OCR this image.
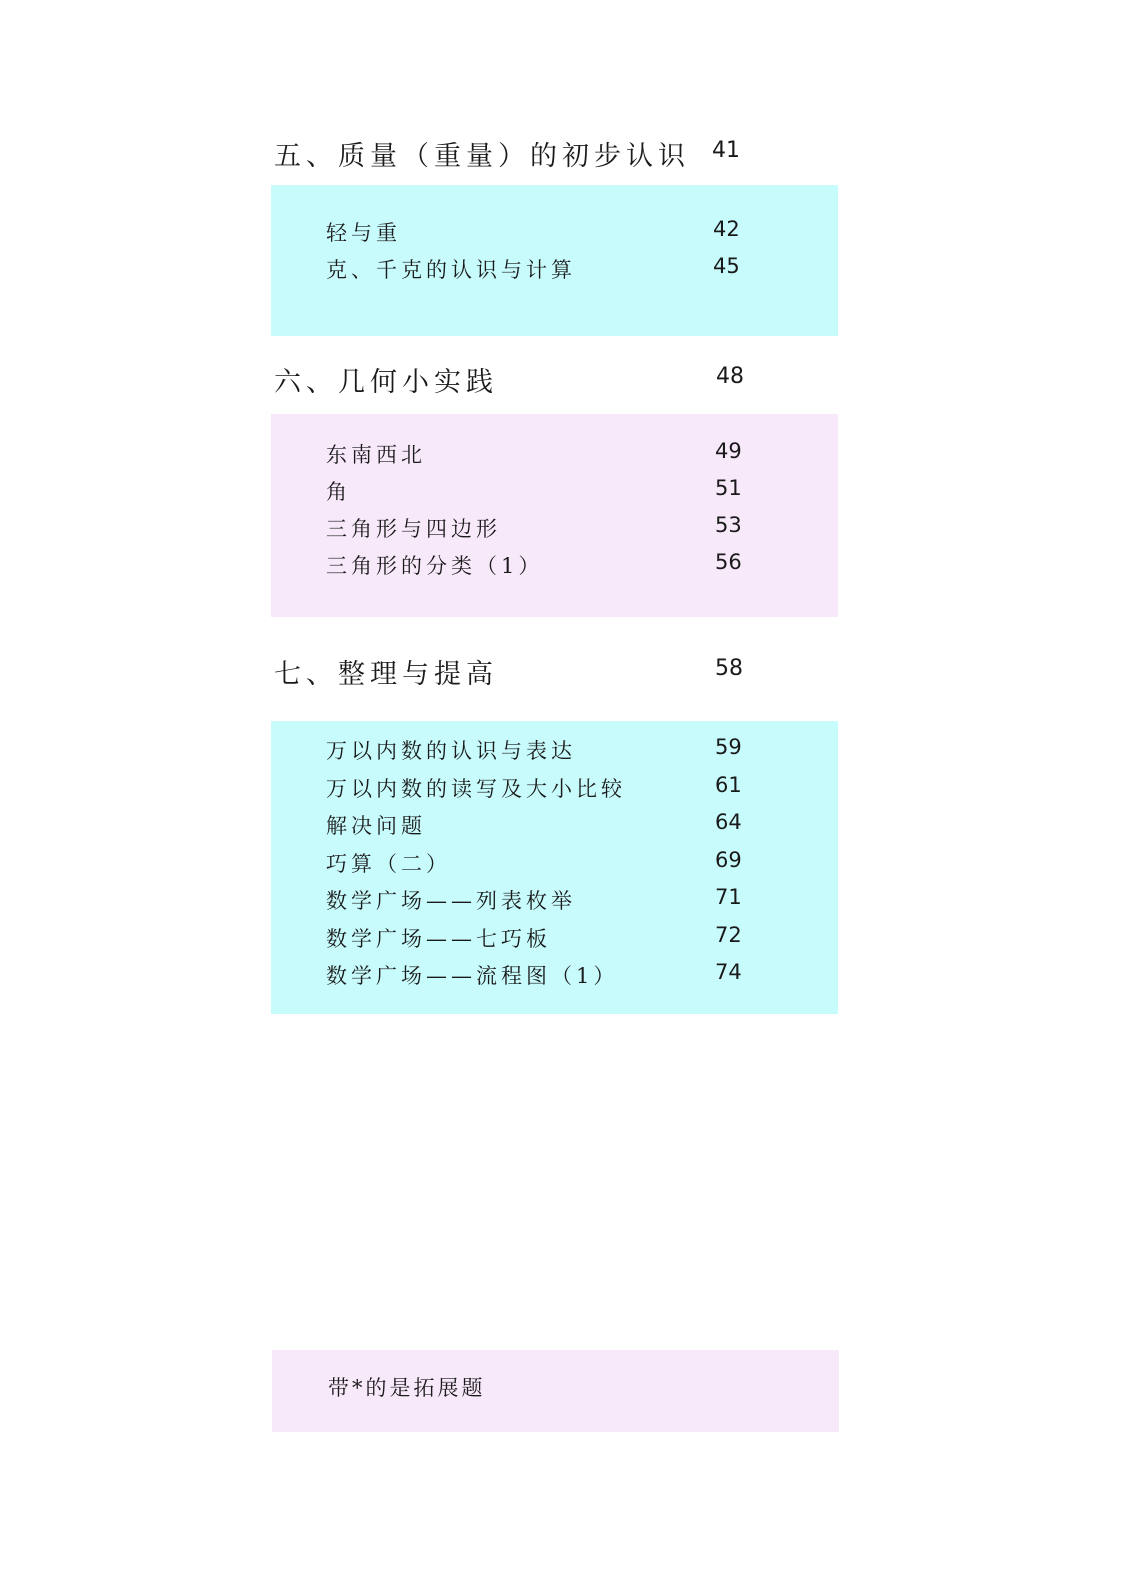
五、质量（重量）的初步认识 41
轻与重	42
克、千克的认识与计算	45
六、几何小实践	48
东南西北	49
角	51
三角形与四边形	53
三角形的分类（1）	56
七、整理与提高	58
万以内数的认识与表达	59
万以内数的读写及大小比较	61
解决问题	64
巧算（二）	69
数学广场——列表枚举	71
数学广场——七巧板	72
数学广场——流程图（1）	74
带*的是拓展题
